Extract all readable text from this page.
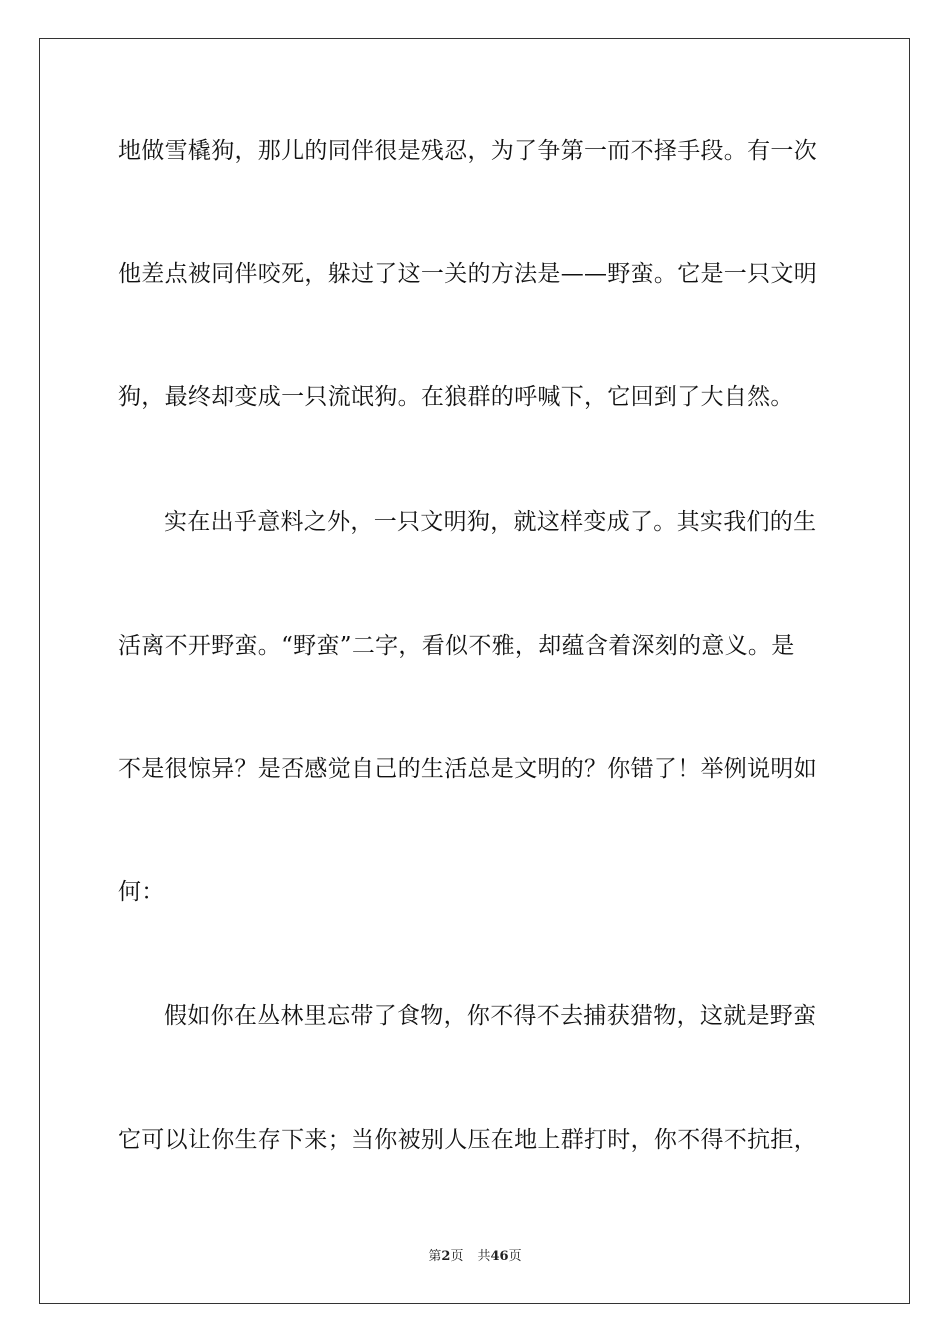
地做雪橇狗，那儿的同伴很是残忍，为了争第一而不择手段。有一次
他差点被同伴咬死，躲过了这一关的方法是——野蛮。它是一只文明
狗，最终却变成一只流氓狗。在狼群的呼喊下，它回到了大自然。
实在出乎意料之外，一只文明狗，就这样变成了。其实我们的生
活离不开野蛮。“野蛮”二字，看似不雅，却蕴含着深刻的意义。是
不是很惊异？是否感觉自己的生活总是文明的？你错了！举例说明如
何：
假如你在丛林里忘带了食物，你不得不去捕获猎物，这就是野蛮
它可以让你生存下来；当你被别人压在地上群打时，你不得不抗拒，
第2页 共46页
